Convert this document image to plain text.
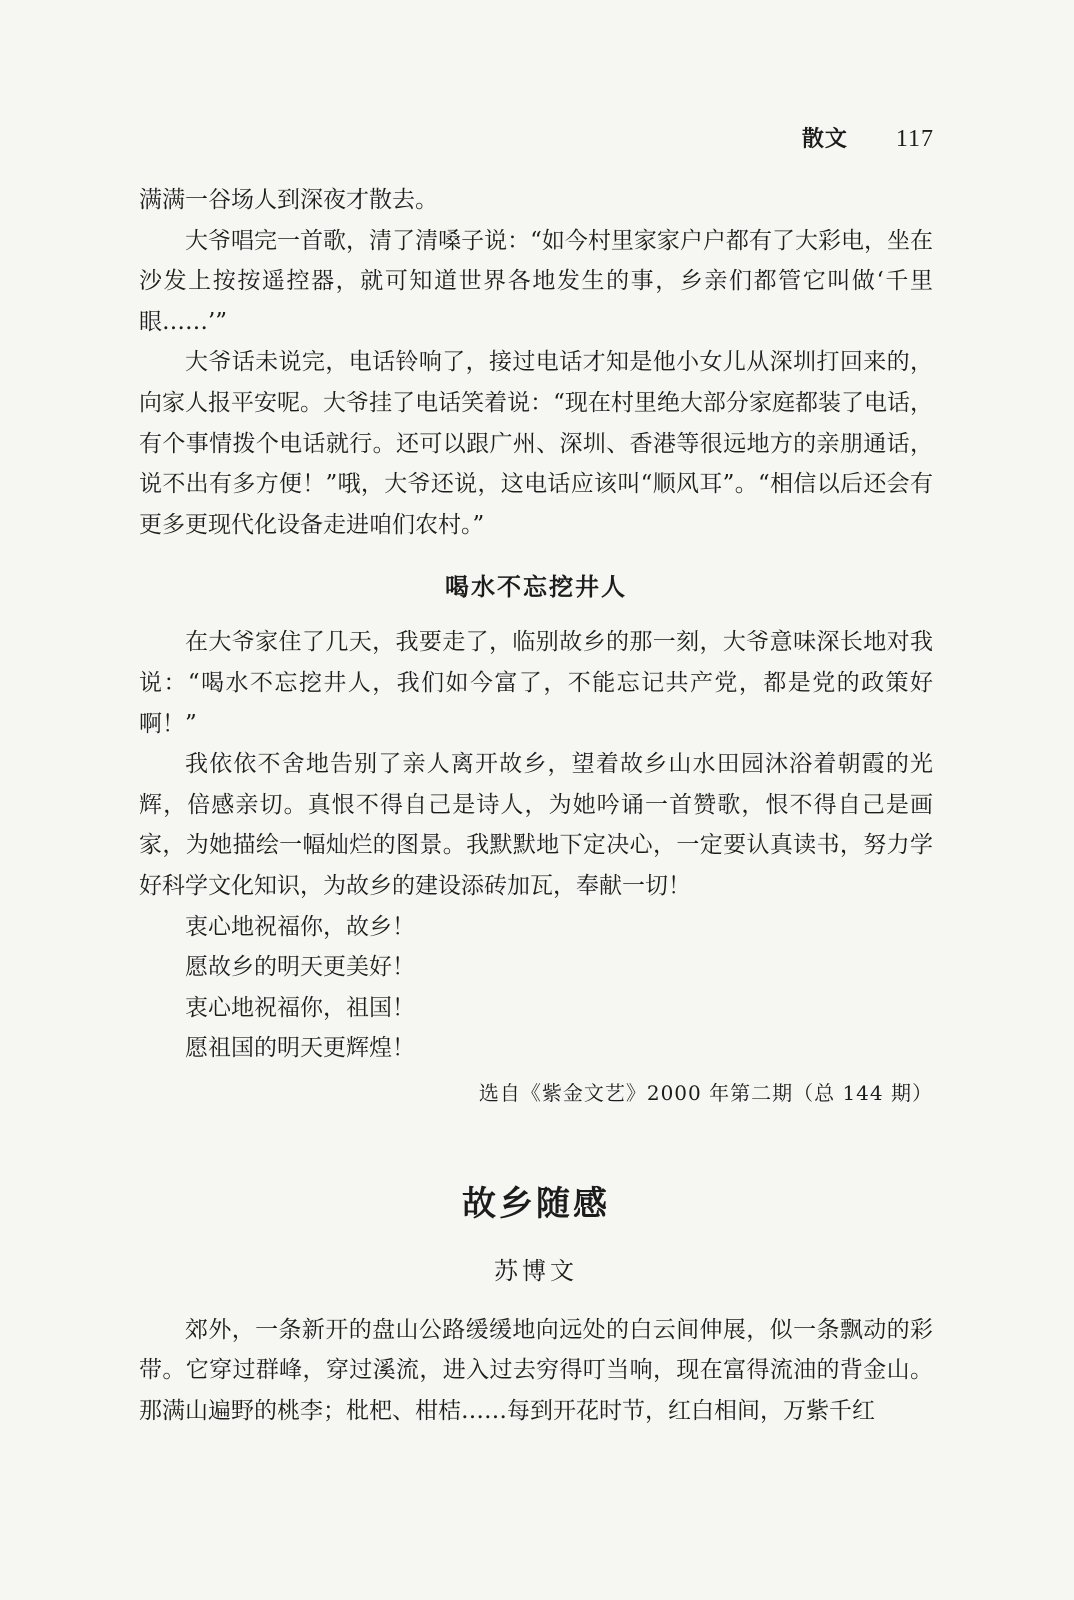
散文 117

满满一谷场人到深夜才散去。

大爷唱完一首歌，清了清嗓子说：“如今村里家家户户都有了大彩电，坐在沙发上按按遥控器，就可知道世界各地发生的事，乡亲们都管它叫做‘千里眼……’”

大爷话未说完，电话铃响了，接过电话才知是他小女儿从深圳打回来的，向家人报平安呢。大爷挂了电话笑着说：“现在村里绝大部分家庭都装了电话，有个事情拨个电话就行。还可以跟广州、深圳、香港等很远地方的亲朋通话，说不出有多方便！”哦，大爷还说，这电话应该叫“顺风耳”。“相信以后还会有更多更现代化设备走进咱们农村。”

喝水不忘挖井人

在大爷家住了几天，我要走了，临别故乡的那一刻，大爷意味深长地对我说：“喝水不忘挖井人，我们如今富了，不能忘记共产党，都是党的政策好啊！”

我依依不舍地告别了亲人离开故乡，望着故乡山水田园沐浴着朝霞的光辉，倍感亲切。真恨不得自己是诗人，为她吟诵一首赞歌，恨不得自己是画家，为她描绘一幅灿烂的图景。我默默地下定决心，一定要认真读书，努力学好科学文化知识，为故乡的建设添砖加瓦，奉献一切！

衷心地祝福你，故乡！

愿故乡的明天更美好！

衷心地祝福你，祖国！

愿祖国的明天更辉煌！

选自《紫金文艺》2000 年第二期（总 144 期）
故乡随感
苏博文

郊外，一条新开的盘山公路缓缓地向远处的白云间伸展，似一条飘动的彩带。它穿过群峰，穿过溪流，进入过去穷得叮当响，现在富得流油的背金山。那满山遍野的桃李；枇杷、柑桔……每到开花时节，红白相间，万紫千红
